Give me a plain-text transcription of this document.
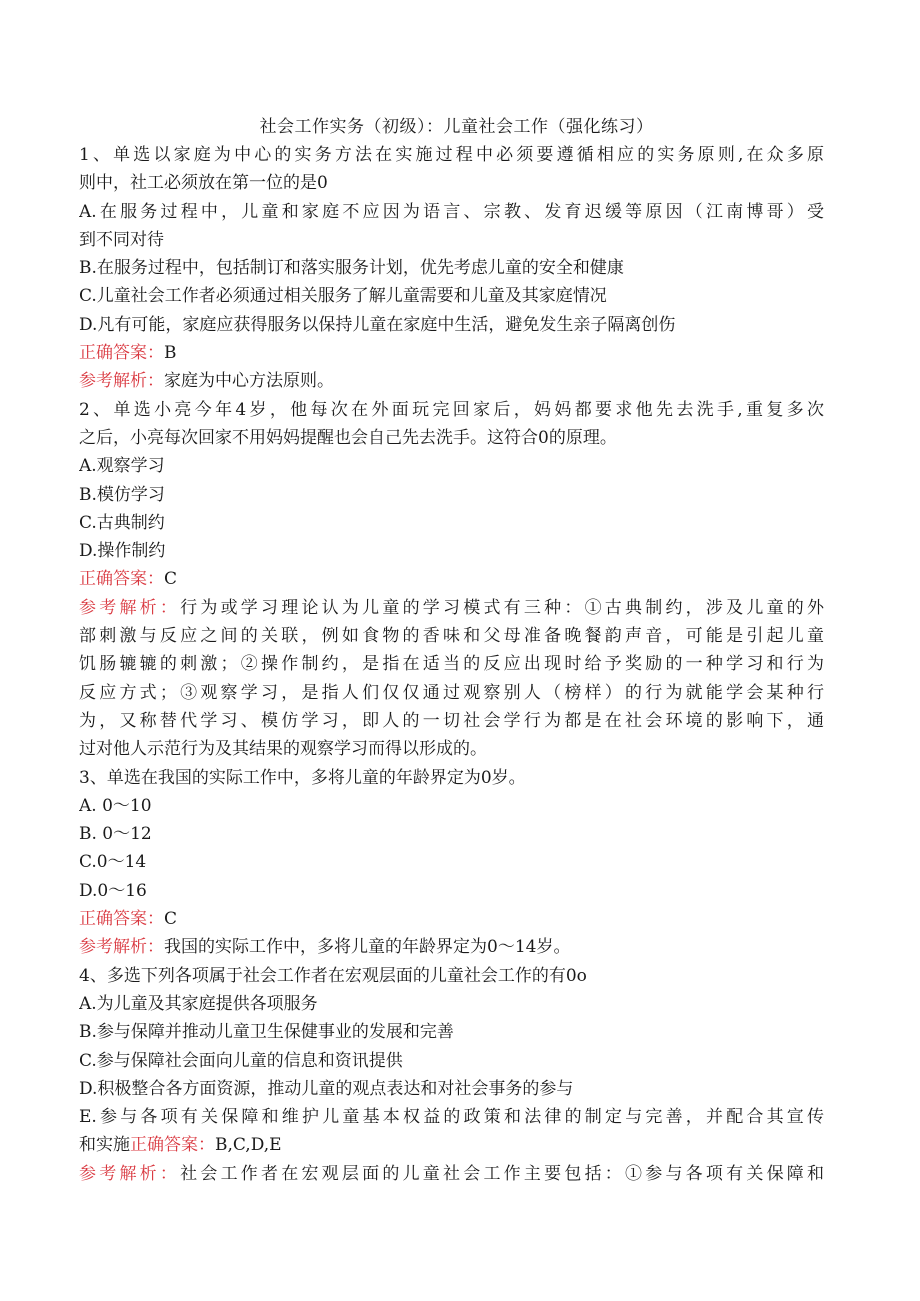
社会工作实务（初级）：儿童社会工作（强化练习）
1、单选以家庭为中心的实务方法在实施过程中必须要遵循相应的实务原则,在众多原
则中，社工必须放在第一位的是0
A.在服务过程中，儿童和家庭不应因为语言、宗教、发育迟缓等原因（江南博哥）受
到不同对待
B.在服务过程中，包括制订和落实服务计划，优先考虑儿童的安全和健康
C.儿童社会工作者必须通过相关服务了解儿童需要和儿童及其家庭情况
D.凡有可能，家庭应获得服务以保持儿童在家庭中生活，避免发生亲子隔离创伤
正确答案：B
参考解析：家庭为中心方法原则。
2、单选小亮今年4岁，他每次在外面玩完回家后，妈妈都要求他先去洗手,重复多次
之后，小亮每次回家不用妈妈提醒也会自己先去洗手。这符合0的原理。
A.观察学习
B.模仿学习
C.古典制约
D.操作制约
正确答案：C
参考解析：行为或学习理论认为儿童的学习模式有三种：①古典制约，涉及儿童的外
部刺激与反应之间的关联，例如食物的香味和父母准备晚餐韵声音，可能是引起儿童
饥肠辘辘的刺激；②操作制约，是指在适当的反应出现时给予奖励的一种学习和行为
反应方式；③观察学习，是指人们仅仅通过观察别人（榜样）的行为就能学会某种行
为，又称替代学习、模仿学习，即人的一切社会学行为都是在社会环境的影响下，通
过对他人示范行为及其结果的观察学习而得以形成的。
3、单选在我国的实际工作中，多将儿童的年龄界定为0岁。
A. 0～10
B. 0～12
C.0～14
D.0～16
正确答案：C
参考解析：我国的实际工作中，多将儿童的年龄界定为0～14岁。
4、多选下列各项属于社会工作者在宏观层面的儿童社会工作的有0o
A.为儿童及其家庭提供各项服务
B.参与保障并推动儿童卫生保健事业的发展和完善
C.参与保障社会面向儿童的信息和资讯提供
D.积极整合各方面资源，推动儿童的观点表达和对社会事务的参与
E.参与各项有关保障和维护儿童基本权益的政策和法律的制定与完善，并配合其宣传
和实施正确答案：B,C,D,E
参考解析：社会工作者在宏观层面的儿童社会工作主要包括：①参与各项有关保障和
